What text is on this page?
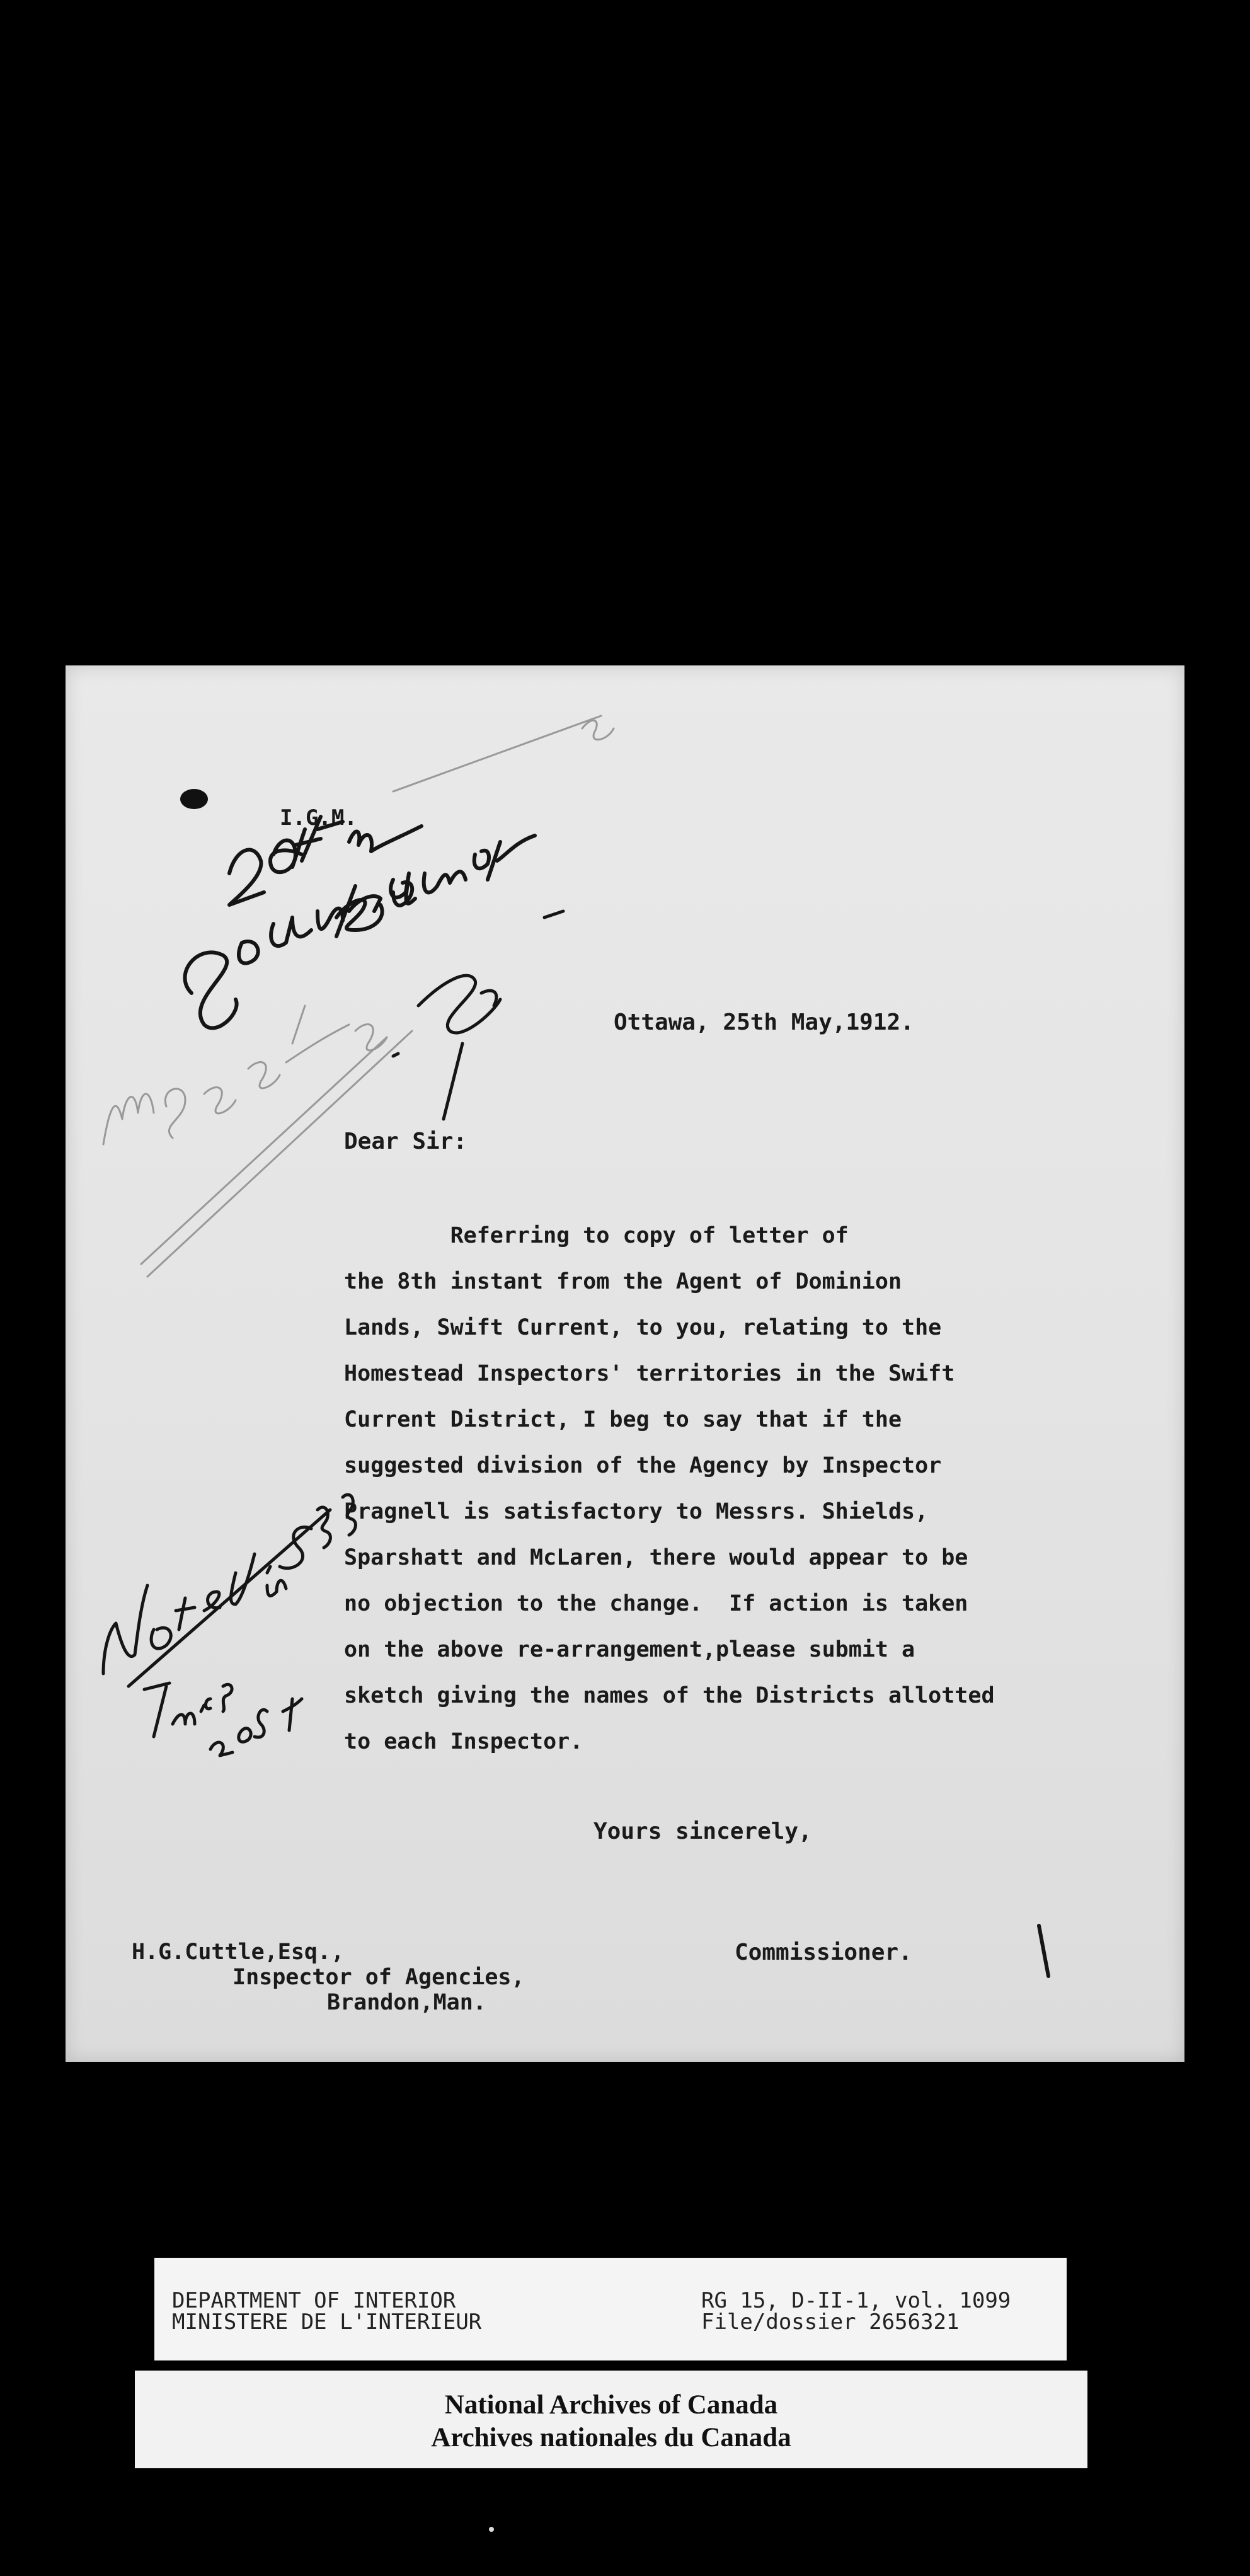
I.G.M.
Ottawa, 25th May,1912.
Dear Sir:
Referring to copy of letter of
the 8th instant from the Agent of Dominion
Lands, Swift Current, to you, relating to the
Homestead Inspectors' territories in the Swift
Current District, I beg to say that if the
suggested division of the Agency by Inspector
Pragnell is satisfactory to Messrs. Shields,
Sparshatt and McLaren, there would appear to be
no objection to the change.  If action is taken
on the above re-arrangement,please submit a
sketch giving the names of the Districts allotted
to each Inspector.
Yours sincerely,
H.G.Cuttle,Esq.,
Inspector of Agencies,
Brandon,Man.
Commissioner.
DEPARTMENT OF INTERIOR
MINISTERE DE L'INTERIEUR
RG 15, D-II-1, vol. 1099
File/dossier 2656321
National Archives of Canada
Archives nationales du Canada
